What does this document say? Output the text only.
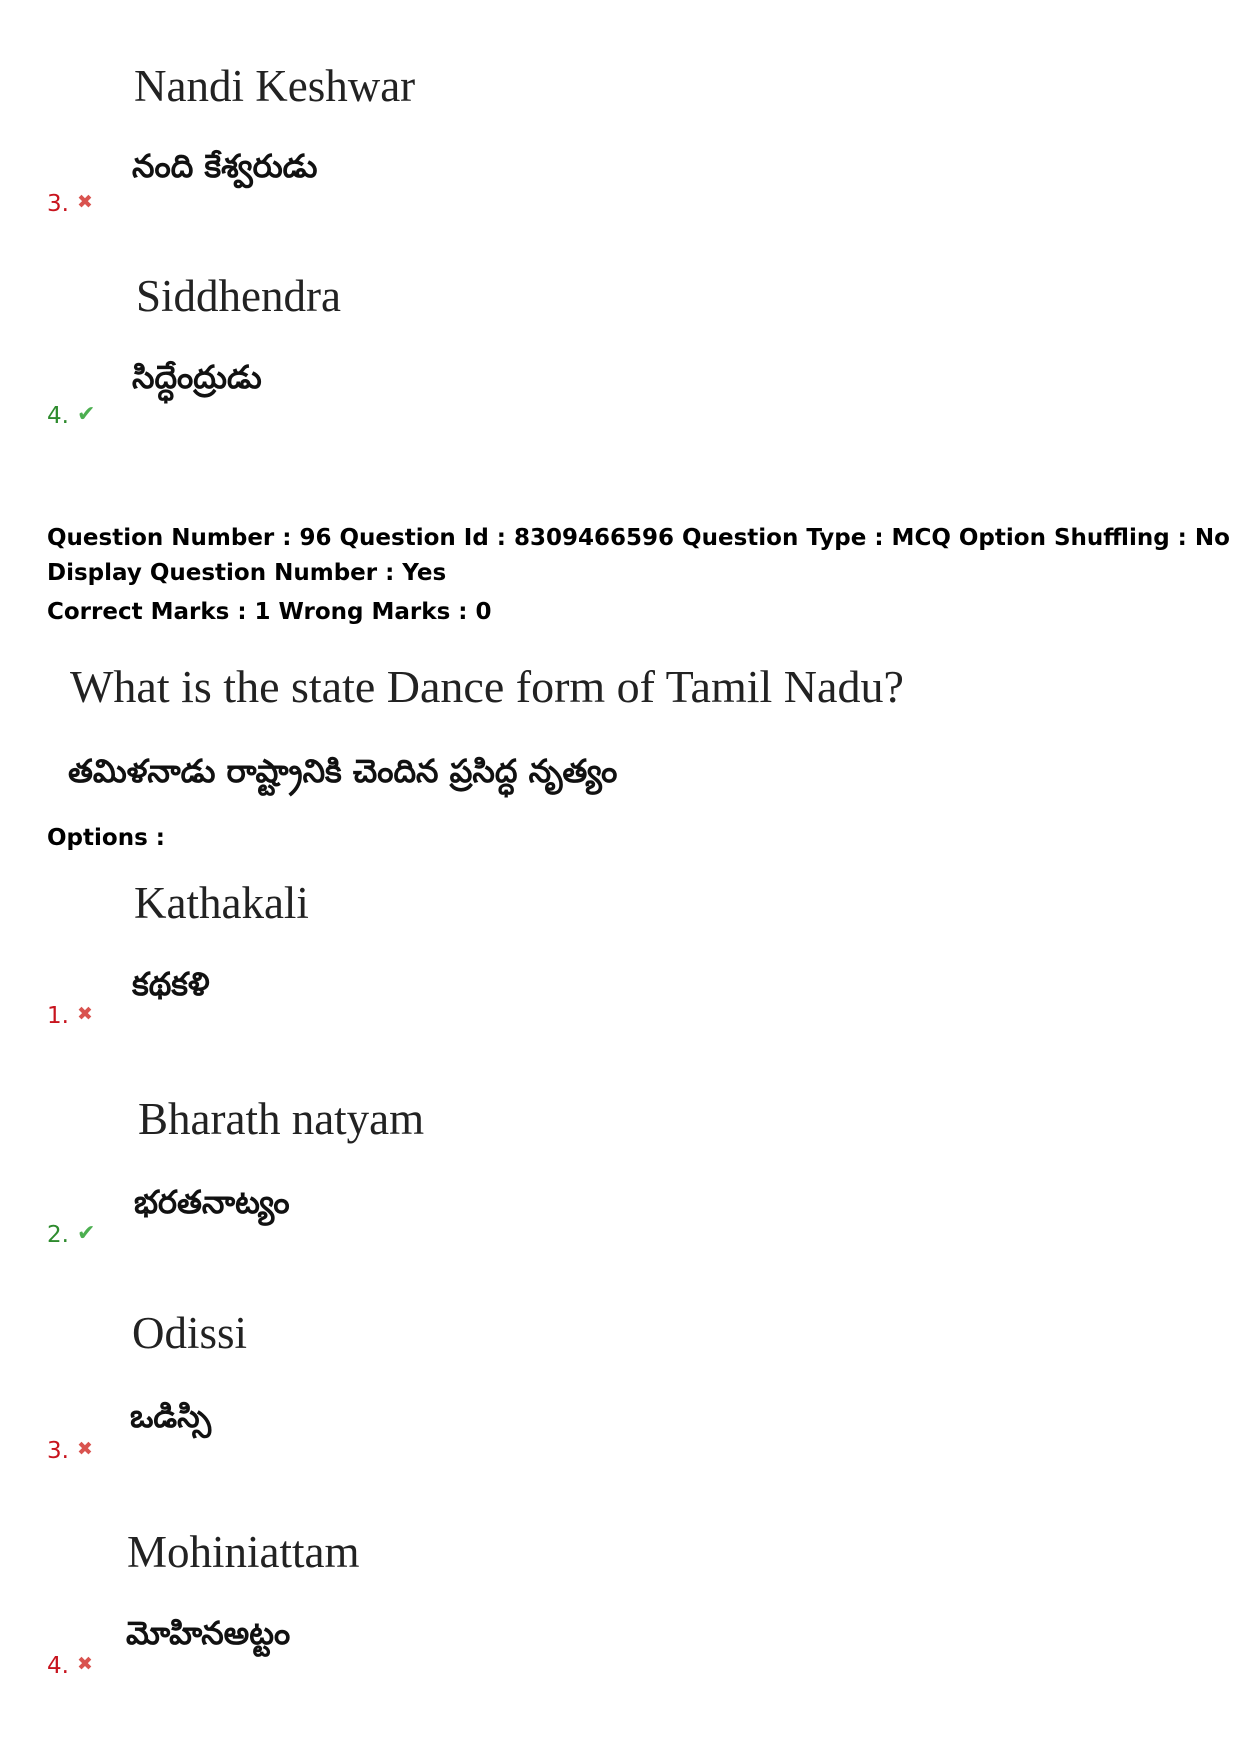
Nandi Keshwar
నంది కేశ్వరుడు
3. ✖
Siddhendra
సిద్ధేంద్రుడు
4. ✔
Question Number : 96 Question Id : 8309466596 Question Type : MCQ Option Shuffling : No
Display Question Number : Yes
Correct Marks : 1 Wrong Marks : 0
What is the state Dance form of Tamil Nadu?
తమిళనాడు రాష్ట్రానికి చెందిన ప్రసిద్ధ నృత్యం
Options :
Kathakali
కథకళి
1. ✖
Bharath natyam
భరతనాట్యం
2. ✔
Odissi
ఒడిస్సి
3. ✖
Mohiniattam
మోహినఅట్టం
4. ✖
